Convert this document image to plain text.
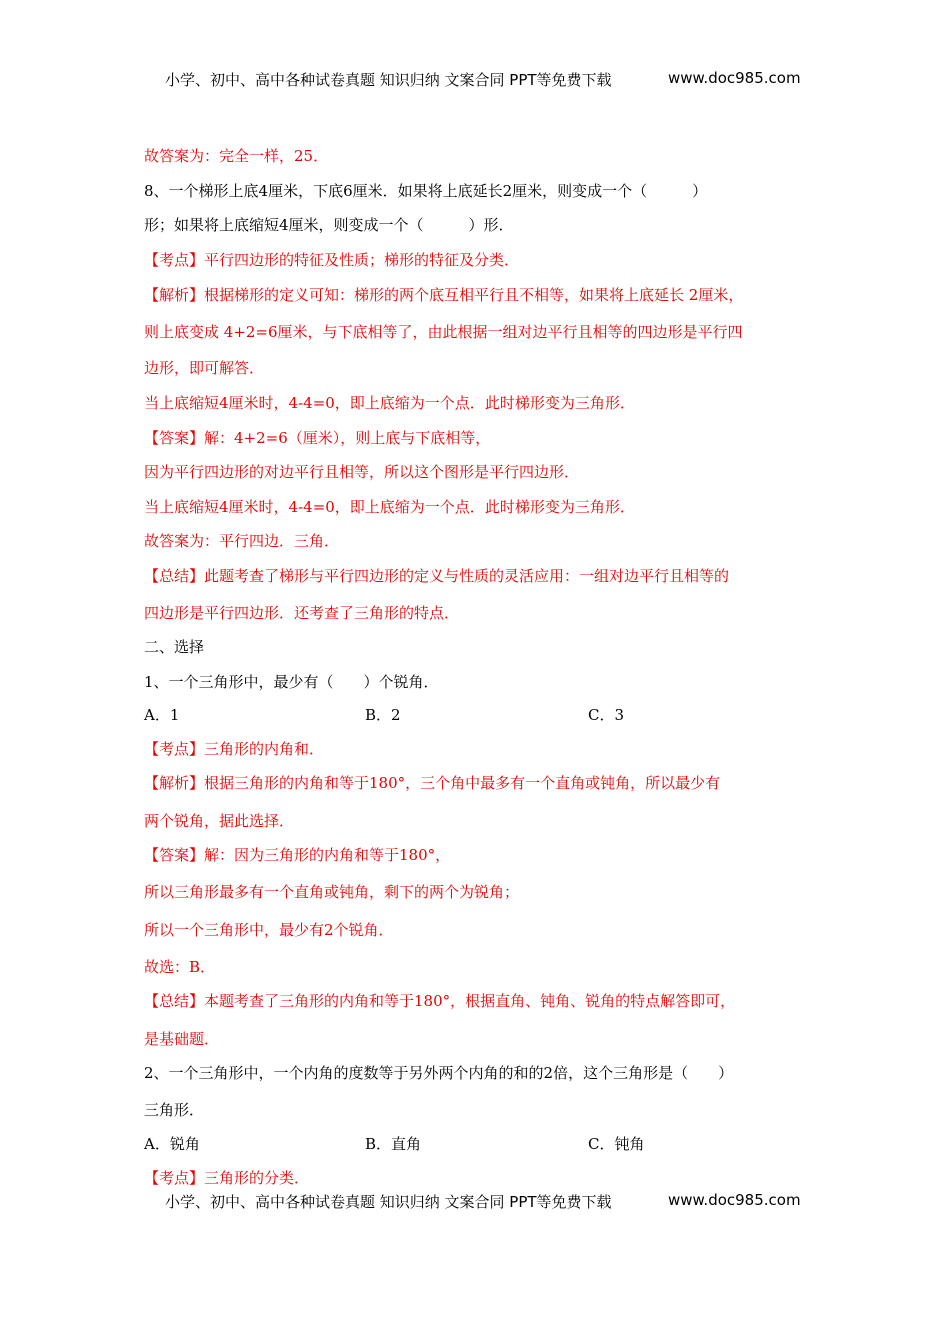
小学、初中、高中各种试卷真题 知识归纳 文案合同 PPT等免费下载	www.doc985.com
故答案为：完全一样，25．
8、一个梯形上底4厘米，下底6厘米．如果将上底延长2厘米，则变成一个（　　　）
形；如果将上底缩短4厘米，则变成一个（　　　）形．
【考点】平行四边形的特征及性质；梯形的特征及分类．
【解析】根据梯形的定义可知：梯形的两个底互相平行且不相等，如果将上底延长 2厘米，
则上底变成 4+2=6厘米，与下底相等了，由此根据一组对边平行且相等的四边形是平行四
边形，即可解答．
当上底缩短4厘米时，4-4=0，即上底缩为一个点．此时梯形变为三角形．
【答案】解：4+2=6（厘米），则上底与下底相等，
因为平行四边形的对边平行且相等，所以这个图形是平行四边形．
当上底缩短4厘米时，4-4=0，即上底缩为一个点．此时梯形变为三角形．
故答案为：平行四边．三角．
【总结】此题考查了梯形与平行四边形的定义与性质的灵活应用：一组对边平行且相等的
四边形是平行四边形．还考查了三角形的特点．
二、选择
1、一个三角形中，最少有（　　）个锐角．
A．1	B．2	C．3
【考点】三角形的内角和．
【解析】根据三角形的内角和等于180°，三个角中最多有一个直角或钝角，所以最少有
两个锐角，据此选择．
【答案】解：因为三角形的内角和等于180°，
所以三角形最多有一个直角或钝角，剩下的两个为锐角；
所以一个三角形中，最少有2个锐角．
故选：B．
【总结】本题考查了三角形的内角和等于180°，根据直角、钝角、锐角的特点解答即可，
是基础题．
2、一个三角形中，一个内角的度数等于另外两个内角的和的2倍，这个三角形是（　　）
三角形．
A．锐角	B．直角	C．钝角
【考点】三角形的分类．
小学、初中、高中各种试卷真题 知识归纳 文案合同 PPT等免费下载	www.doc985.com
